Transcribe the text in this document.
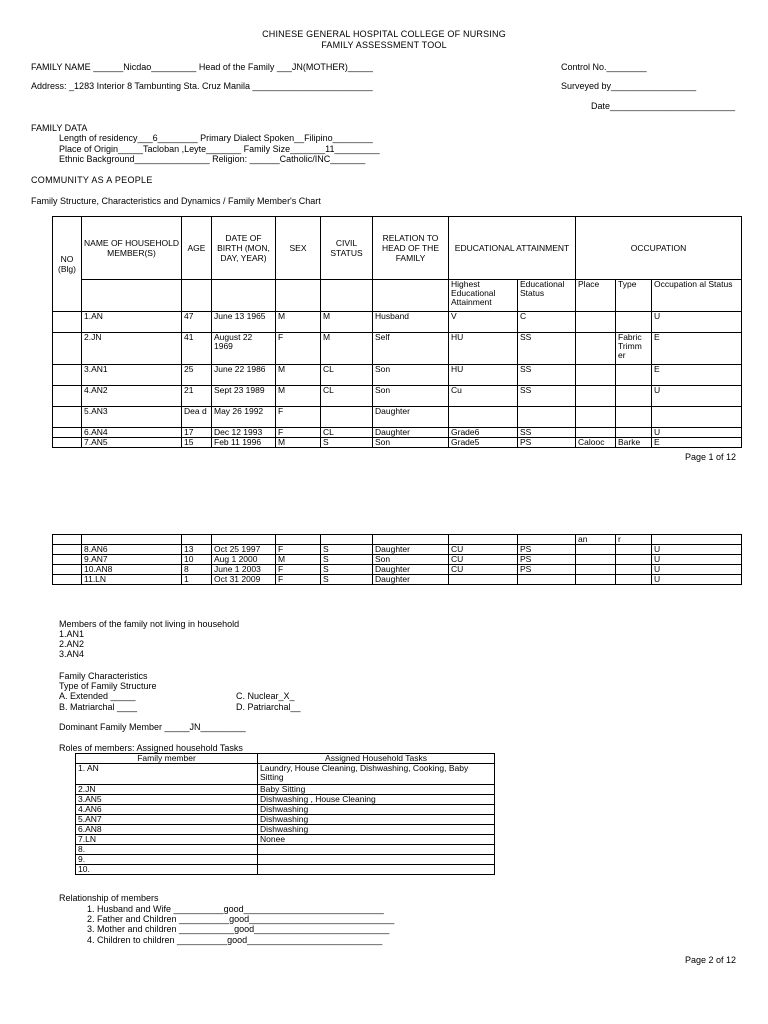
CHINESE GENERAL HOSPITAL COLLEGE OF NURSING
FAMILY ASSESSMENT TOOL
FAMILY NAME ______Nicdao_________ Head of the Family ___JN(MOTHER)_____	Control No.________
Address: _1283 Interior 8 Tambunting Sta. Cruz Manila ________________________	Surveyed by_________________
Date_________________________
FAMILY DATA
Length of residency___6________ Primary Dialect Spoken__Filipino________
Place of Origin_____Tacloban ,Leyte_______ Family Size_______11_________
Ethnic Background_______________ Religion: ______Catholic/INC_______
COMMUNITY AS A PEOPLE
Family Structure, Characteristics and Dynamics / Family Member's Chart
NO (Blg)	NAME OF HOUSEHOLD MEMBER(S)	AGE	DATE OF BIRTH (MON, DAY, YEAR)	SEX	CIVIL STATUS	RELATION TO HEAD OF THE FAMILY	EDUCATIONAL ATTAINMENT		OCCUPATION		
							Highest Educational Attainment	Educational Status	Place	Type	Occupation al Status
	1.AN	47	June 13 1965	M	M	Husband	V	C			U
	2.JN	41	August 22 1969	F	M	Self	HU	SS		Fabric Trimm er	E
	3.AN1	25	June 22 1986	M	CL	Son	HU	SS			E
	4.AN2	21	Sept 23 1989	M	CL	Son	Cu	SS			U
	5.AN3	Dea d	May 26 1992	F		Daughter					
	6.AN4	17	Dec 12 1993	F	CL	Daughter	Grade6	SS			U
	7.AN5	15	Feb 11 1996	M	S	Son	Grade5	PS	Calooc	Barke	E
Page 1 of 12
									an	r	
	8.AN6	13	Oct 25 1997	F	S	Daughter	CU	PS			U
	9.AN7	10	Aug 1 2000	M	S	Son	CU	PS			U
	10.AN8	8	June 1 2003	F	S	Daughter	CU	PS			U
	11.LN	1	Oct 31 2009	F	S	Daughter					U
Members of the family not living in household
1.AN1
2.AN2
3.AN4
Family Characteristics
Type of Family Structure
A. Extended _____	C. Nuclear_X_
B. Matriarchal ____	D. Patriarchal__
Dominant Family Member _____JN_________
Roles of members: Assigned household Tasks
Family member	Assigned Household Tasks
1. AN	Laundry, House Cleaning, Dishwashing, Cooking, Baby Sitting
2.JN	Baby Sitting
3.AN5	Dishwashing , House Cleaning
4.AN6	Dishwashing
5.AN7	Dishwashing
6.AN8	Dishwashing
7.LN	Nonee
8.	
9.	
10.	
Relationship of members
1. Husband and Wife __________good____________________________
2. Father and Children __________good_____________________________
3. Mother and children ___________good___________________________
4. Children to children __________good___________________________
Page 2 of 12
